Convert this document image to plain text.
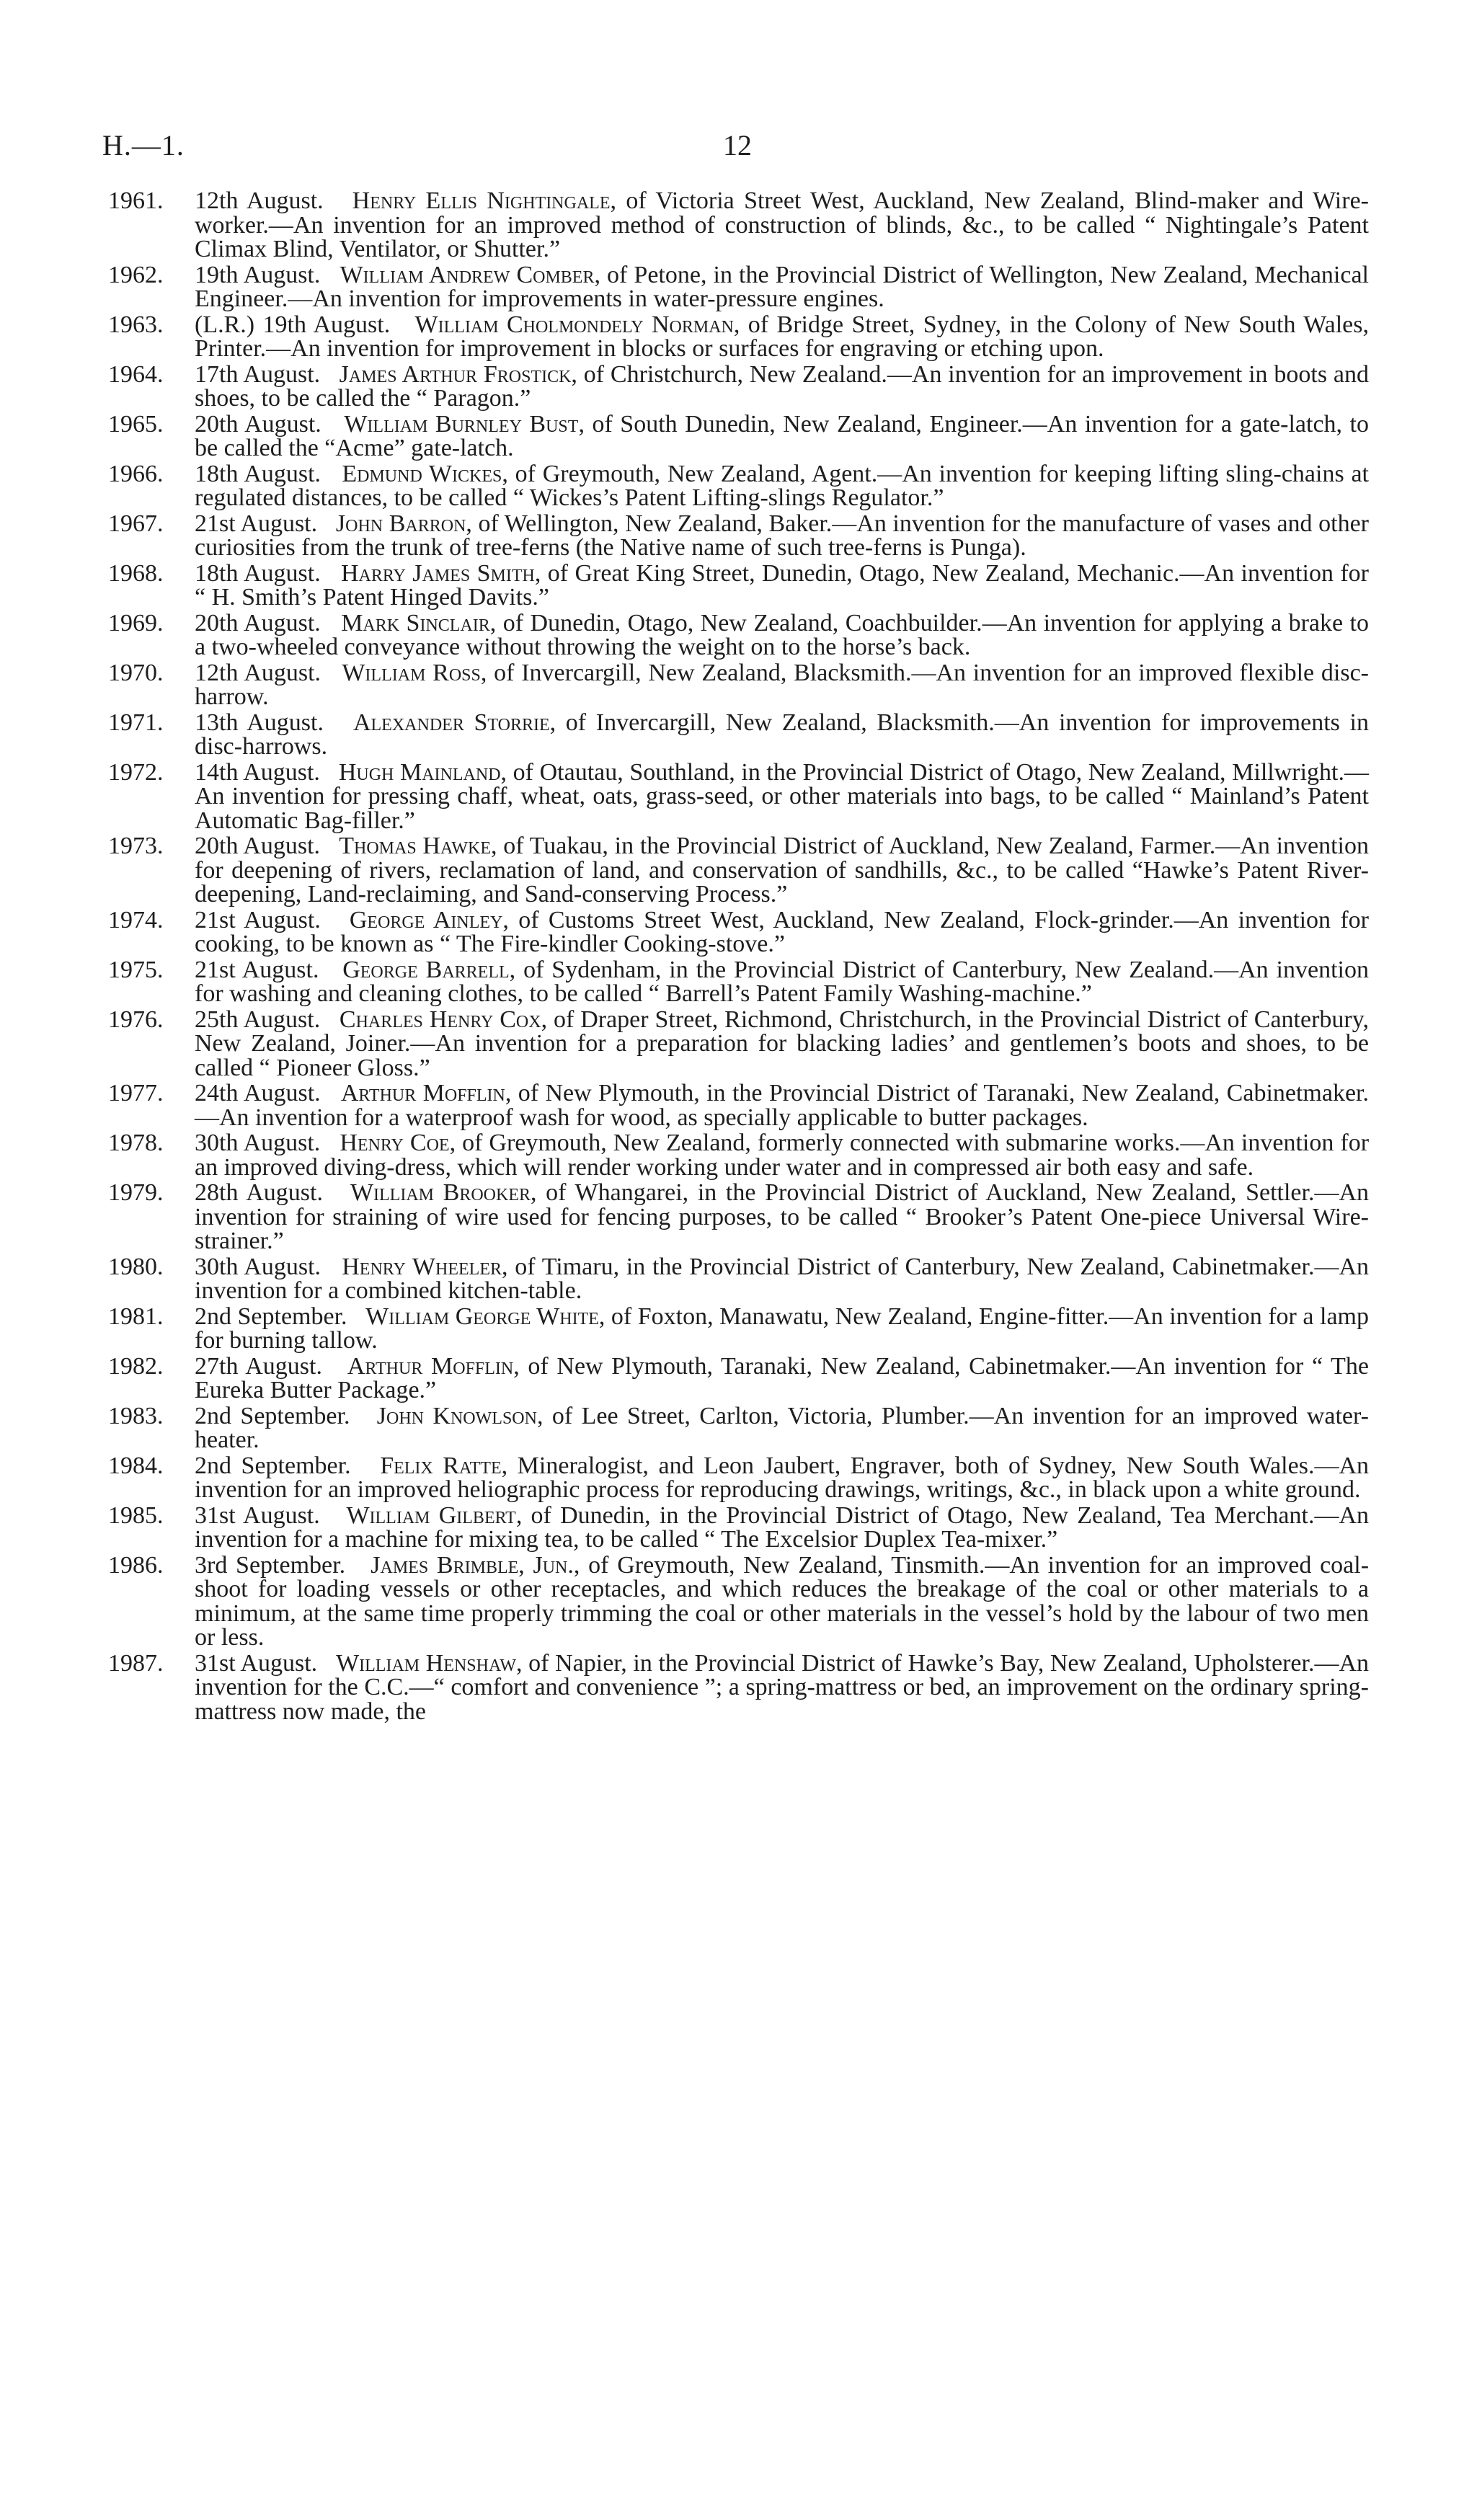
H.—1.	12
1961. 12th August. Henry Ellis Nightingale, of Victoria Street West, Auckland, New Zealand, Blind-maker and Wire-worker.—An invention for an improved method of construction of blinds, &c., to be called “ Nightingale’s Patent Climax Blind, Ventilator, or Shutter.”
1962. 19th August. William Andrew Comber, of Petone, in the Provincial District of Wellington, New Zealand, Mechanical Engineer.—An invention for improvements in water-pressure engines.
1963. (L.R.) 19th August. William Cholmondely Norman, of Bridge Street, Sydney, in the Colony of New South Wales, Printer.—An invention for improvement in blocks or surfaces for engraving or etching upon.
1964. 17th August. James Arthur Frostick, of Christchurch, New Zealand.—An invention for an improvement in boots and shoes, to be called the “ Paragon.”
1965. 20th August. William Burnley Bust, of South Dunedin, New Zealand, Engineer.—An invention for a gate-latch, to be called the “Acme” gate-latch.
1966. 18th August. Edmund Wickes, of Greymouth, New Zealand, Agent.—An invention for keeping lifting sling-chains at regulated distances, to be called “ Wickes’s Patent Lifting-slings Regulator.”
1967. 21st August. John Barron, of Wellington, New Zealand, Baker.—An invention for the manufacture of vases and other curiosities from the trunk of tree-ferns (the Native name of such tree-ferns is Punga).
1968. 18th August. Harry James Smith, of Great King Street, Dunedin, Otago, New Zealand, Mechanic.—An invention for “ H. Smith’s Patent Hinged Davits.”
1969. 20th August. Mark Sinclair, of Dunedin, Otago, New Zealand, Coachbuilder.—An invention for applying a brake to a two-wheeled conveyance without throwing the weight on to the horse’s back.
1970. 12th August. William Ross, of Invercargill, New Zealand, Blacksmith.—An invention for an improved flexible disc-harrow.
1971. 13th August. Alexander Storrie, of Invercargill, New Zealand, Blacksmith.—An invention for improvements in disc-harrows.
1972. 14th August. Hugh Mainland, of Otautau, Southland, in the Provincial District of Otago, New Zealand, Millwright.—An invention for pressing chaff, wheat, oats, grass-seed, or other materials into bags, to be called “ Mainland’s Patent Automatic Bag-filler.”
1973. 20th August. Thomas Hawke, of Tuakau, in the Provincial District of Auckland, New Zealand, Farmer.—An invention for deepening of rivers, reclamation of land, and conservation of sandhills, &c., to be called “Hawke’s Patent River-deepening, Land-reclaiming, and Sand-conserving Process.”
1974. 21st August. George Ainley, of Customs Street West, Auckland, New Zealand, Flock-grinder.—An invention for cooking, to be known as “ The Fire-kindler Cooking-stove.”
1975. 21st August. George Barrell, of Sydenham, in the Provincial District of Canterbury, New Zealand.—An invention for washing and cleaning clothes, to be called “ Barrell’s Patent Family Washing-machine.”
1976. 25th August. Charles Henry Cox, of Draper Street, Richmond, Christchurch, in the Provincial District of Canterbury, New Zealand, Joiner.—An invention for a preparation for blacking ladies’ and gentlemen’s boots and shoes, to be called “ Pioneer Gloss.”
1977. 24th August. Arthur Mofflin, of New Plymouth, in the Provincial District of Taranaki, New Zealand, Cabinetmaker.—An invention for a waterproof wash for wood, as specially applicable to butter packages.
1978. 30th August. Henry Coe, of Greymouth, New Zealand, formerly connected with submarine works.—An invention for an improved diving-dress, which will render working under water and in compressed air both easy and safe.
1979. 28th August. William Brooker, of Whangarei, in the Provincial District of Auckland, New Zealand, Settler.—An invention for straining of wire used for fencing purposes, to be called “ Brooker’s Patent One-piece Universal Wire-strainer.”
1980. 30th August. Henry Wheeler, of Timaru, in the Provincial District of Canterbury, New Zealand, Cabinetmaker.—An invention for a combined kitchen-table.
1981. 2nd September. William George White, of Foxton, Manawatu, New Zealand, Engine-fitter.—An invention for a lamp for burning tallow.
1982. 27th August. Arthur Mofflin, of New Plymouth, Taranaki, New Zealand, Cabinetmaker.—An invention for “ The Eureka Butter Package.”
1983. 2nd September. John Knowlson, of Lee Street, Carlton, Victoria, Plumber.—An invention for an improved water-heater.
1984. 2nd September. Felix Ratte, Mineralogist, and Leon Jaubert, Engraver, both of Sydney, New South Wales.—An invention for an improved heliographic process for reproducing drawings, writings, &c., in black upon a white ground.
1985. 31st August. William Gilbert, of Dunedin, in the Provincial District of Otago, New Zealand, Tea Merchant.—An invention for a machine for mixing tea, to be called “ The Excelsior Duplex Tea-mixer.”
1986. 3rd September. James Brimble, Jun., of Greymouth, New Zealand, Tinsmith.—An invention for an improved coal-shoot for loading vessels or other receptacles, and which reduces the breakage of the coal or other materials to a minimum, at the same time properly trimming the coal or other materials in the vessel’s hold by the labour of two men or less.
1987. 31st August. William Henshaw, of Napier, in the Provincial District of Hawke’s Bay, New Zealand, Upholsterer.—An invention for the C.C.—“ comfort and convenience ”; a spring-mattress or bed, an improvement on the ordinary spring-mattress now made, the
